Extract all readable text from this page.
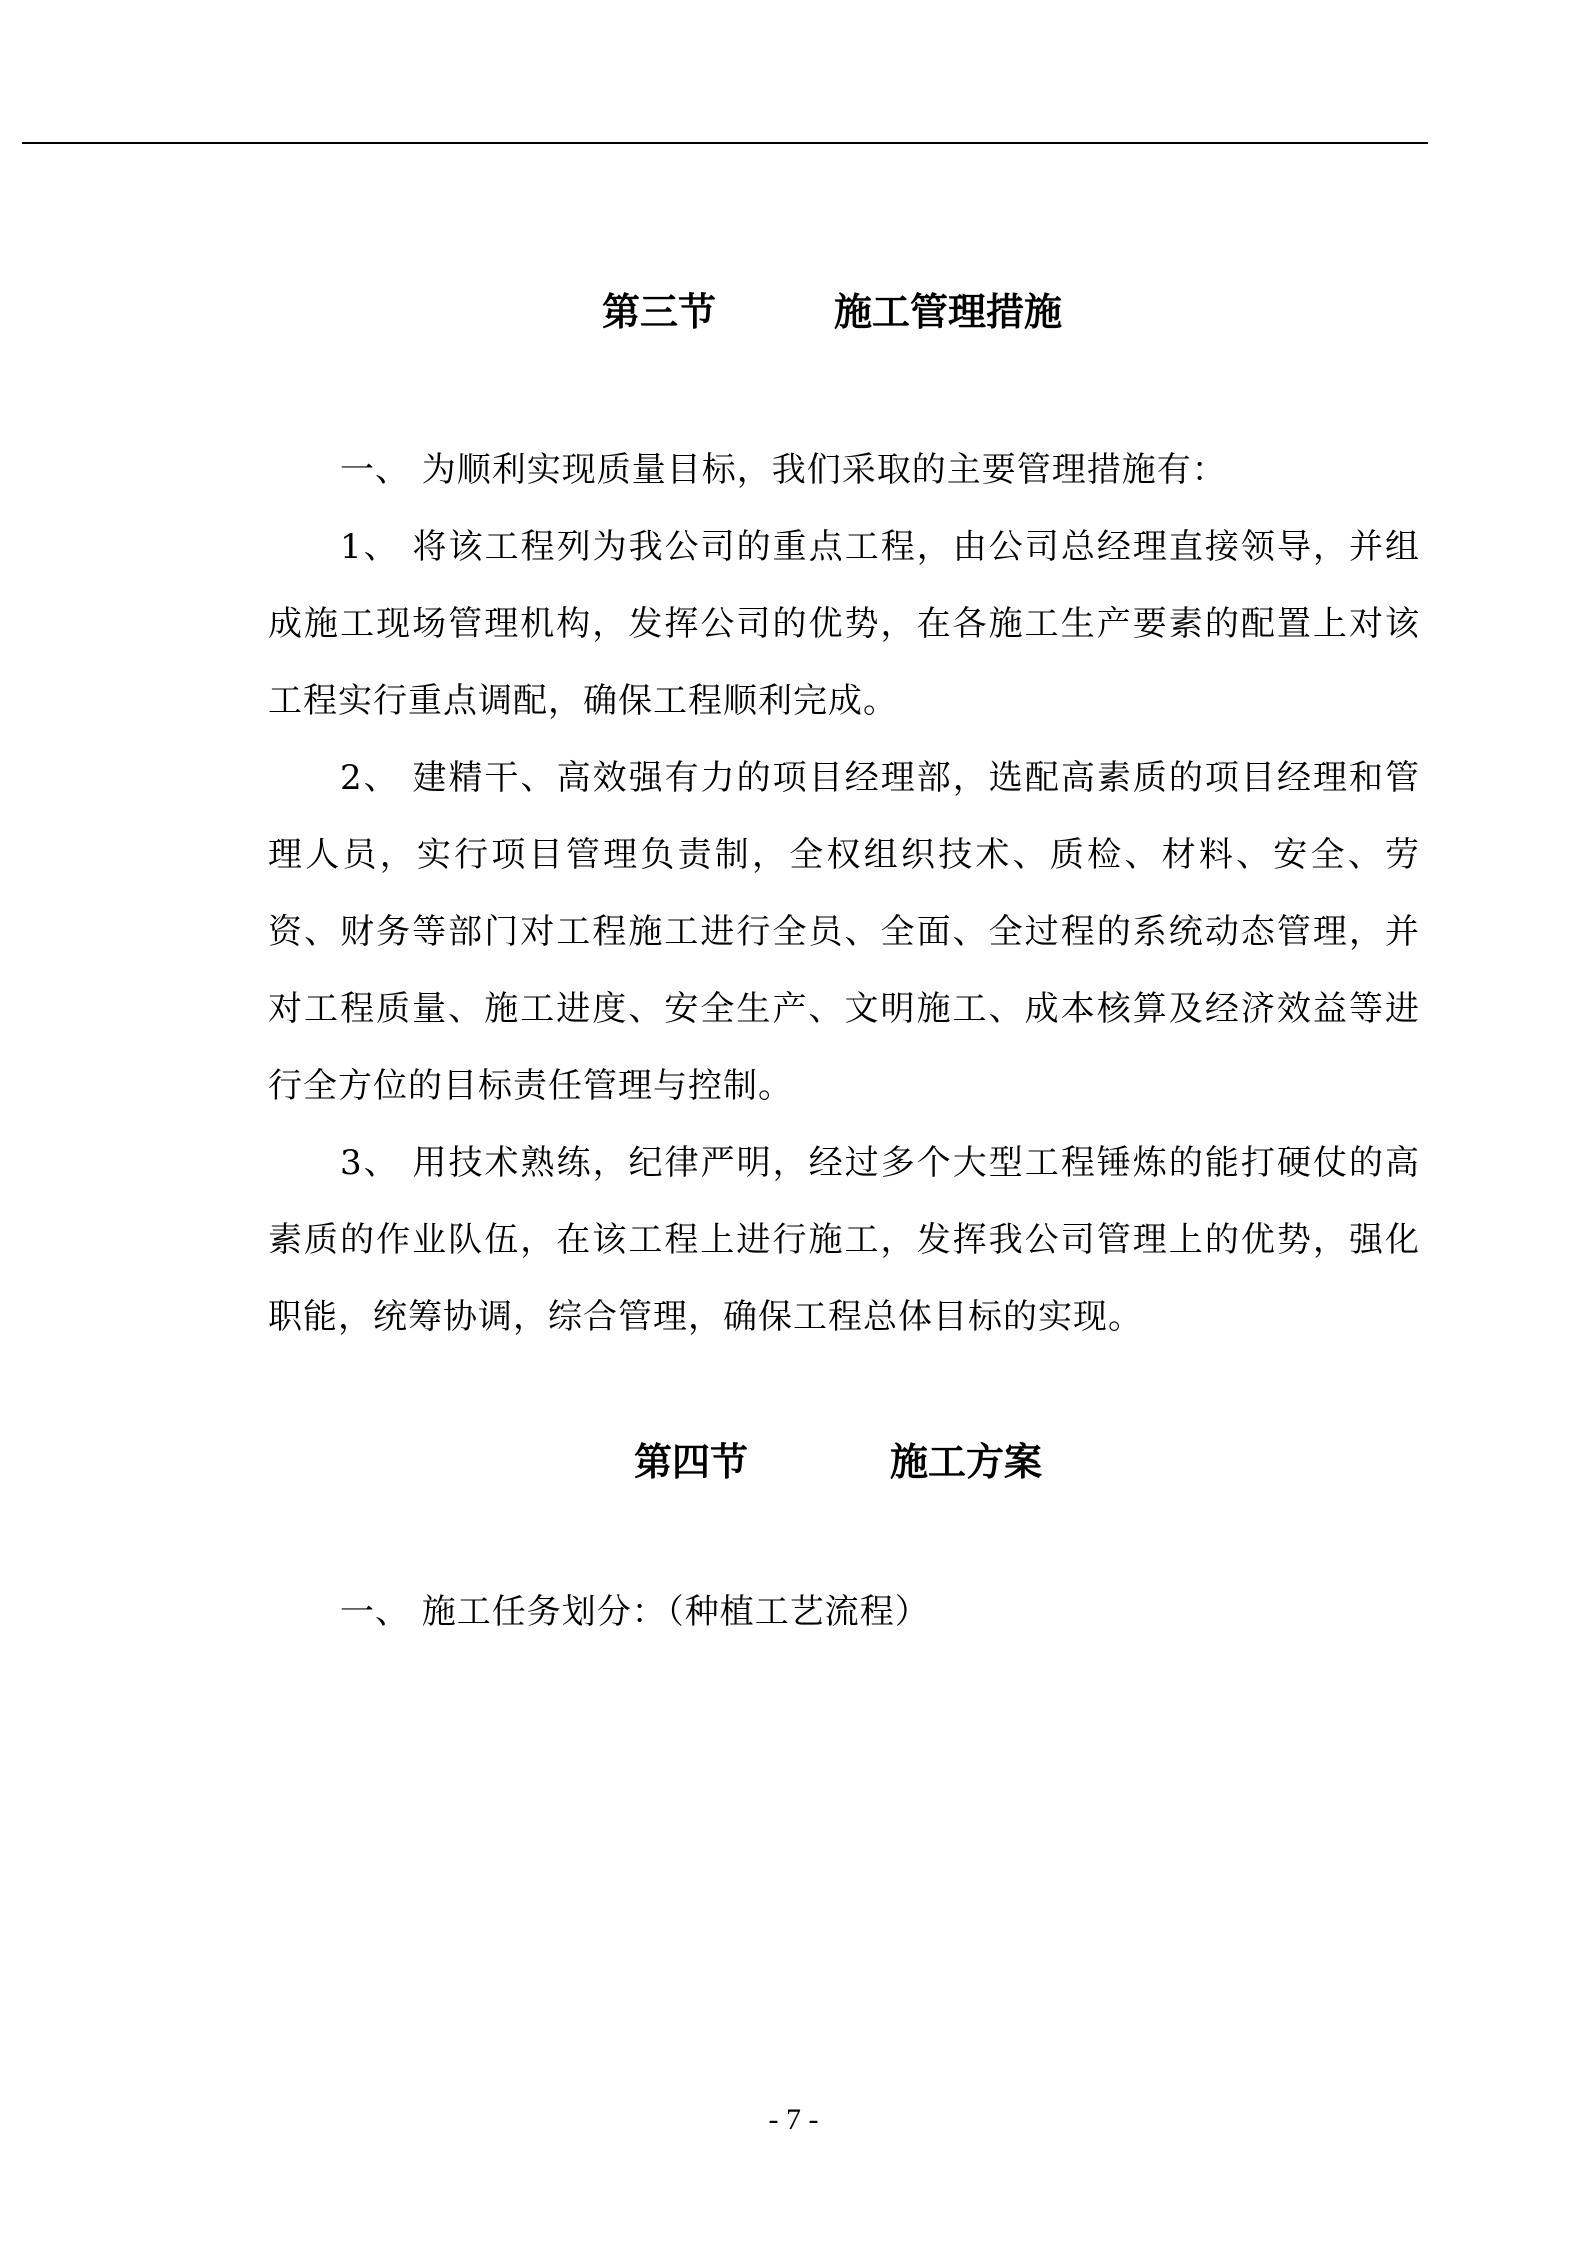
第三节	施工管理措施
一、 为顺利实现质量目标，我们采取的主要管理措施有：
1、 将该工程列为我公司的重点工程，由公司总经理直接领导，并组成施工现场管理机构，发挥公司的优势，在各施工生产要素的配置上对该工程实行重点调配，确保工程顺利完成。
2、 建精干、高效强有力的项目经理部，选配高素质的项目经理和管理人员，实行项目管理负责制，全权组织技术、质检、材料、安全、劳资、财务等部门对工程施工进行全员、全面、全过程的系统动态管理，并对工程质量、施工进度、安全生产、文明施工、成本核算及经济效益等进行全方位的目标责任管理与控制。
3、 用技术熟练，纪律严明，经过多个大型工程锤炼的能打硬仗的高素质的作业队伍，在该工程上进行施工，发挥我公司管理上的优势，强化职能，统筹协调，综合管理，确保工程总体目标的实现。
第四节	施工方案
一、 施工任务划分：（种植工艺流程）
- 7 -
